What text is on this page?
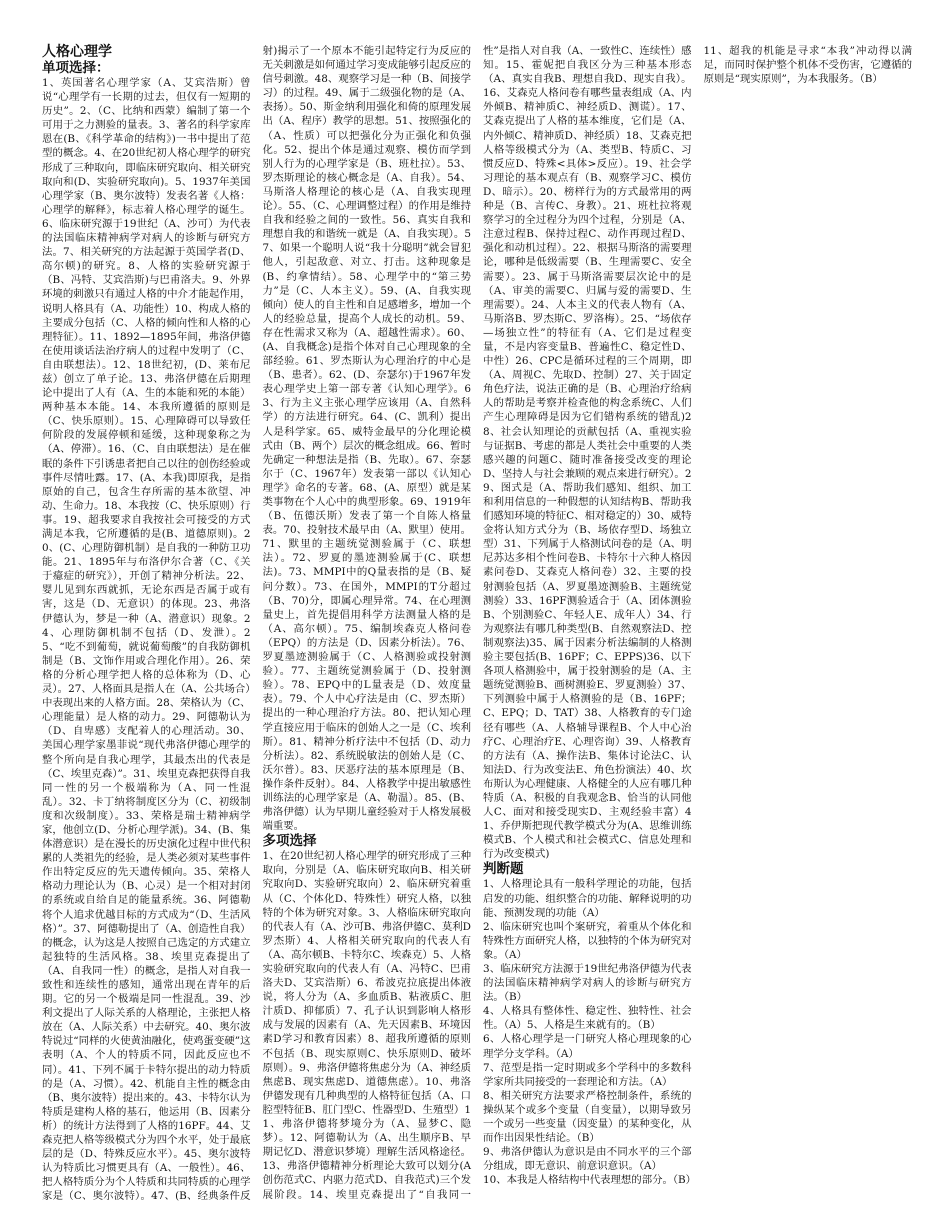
人格心理学
单项选择：

1、英国著名心理学家（A、艾宾浩斯）曾说“心理学有一长期的过去，但仅有一短期的历史”。2、（C、比纳和西蒙）编制了第一个可用于之力测验的量表。3、著名的科学家库恩在(B、《科学革命的结构》)一书中提出了范型的概念。4、在20世纪初人格心理学的研究形成了三种取向，即临床研究取向、相关研究取向和(D、实验研究取向)。5、1937年美国心理学家（B、奥尔波特）发表名著《人格：心理学的解释》，标志着人格心理学的诞生。6、临床研究源于19世纪（A、沙可）为代表的法国临床精神病学对病人的诊断与研究方法。7、相关研究的方法起源于英国学者(D、高尔顿)的研究。8、人格的实验研究源于（B、冯特、艾宾浩斯)与巴甫洛夫。9、外界环境的刺激只有通过人格的中介才能起作用，说明人格具有（A、功能性）10、构成人格的主要成分包括（C、人格的倾向性和人格的心理特征）。11、1892—1895年间，弗洛伊德在使用谈话法治疗病人的过程中发明了（C、自由联想法）。12、18世纪初，(D、莱布尼兹）创立了单子论。13、弗洛伊德在后期理论中提出了人有（A、生的本能和死的本能）两种基本本能。14、本我所遵循的原则是（C、快乐原则）。15、心理障碍可以导致任何阶段的发展停顿和延缓，这种现象称之为（A、停滞）。16、（C、自由联想法）是在催眠的条件下引诱患者把自己以往的创伤经验或事件尽情吐露。17、(A、本我)即原我，是指原始的自己，包含生存所需的基本欲望、冲动、生命力。18、本我按（C、快乐原则）行事。19、超我要求自我按社会可接受的方式满足本我，它所遵循的是(B、道德原则)。20、(C、心理防御机制）是自我的一种防卫功能。21、1895年与布洛伊尔合著（C、《关于癔症的研究》），开创了精神分析法。22、婴儿见到东西就抓，无论东西是否属于或有害，这是（D、无意识）的体现。23、弗洛伊德认为，梦是一种（A、潜意识）现象。24、心理防御机制不包括（D、发泄）。25、“吃不到葡萄，就说葡萄酸”的自我防御机制是（B、文饰作用或合理化作用）。26、荣格的分析心理学把人格的总体称为（D、心灵）。27、人格面具是指人在（A、公共场合）中表现出来的人格方面。28、荣格认为（C、心理能量）是人格的动力。29、阿德勒认为（D、自卑感）支配着人的心理活动。30、美国心理学家墨菲说“现代弗洛伊德心理学的整个所向是自我心理学，其最杰出的代表是（C、埃里克森）”。31、埃里克森把获得自我同一性的另一个极端称为（A、同一性混乱）。32、卡丁纳将制度区分为（C、初级制度和次级制度）。33、荣格是瑞士精神病学家，他创立(D、分析心理学派)。34、(B、集体潜意识）是在漫长的历史演化过程中世代积累的人类祖先的经验，是人类必须对某些事件作出特定反应的先天遗传倾向。35、荣格人格动力理论认为（B、心灵）是一个相对封闭的系统或自给自足的能量系统。36、阿德勒将个人追求优越目标的方式成为“（D、生活风格）”。37、阿德勒提出了（A、创造性自我）的概念，认为这是人按照自己选定的方式建立起独特的生活风格。38、埃里克森提出了（A、自我同一性）的概念，是指人对自我一致性和连续性的感知，通常出现在青年的后期。它的另一个极端是同一性混乱。39、沙利文提出了人际关系的人格理论，主张把人格放在（A、人际关系）中去研究。40、奥尔波特说过“同样的火使黄油融化，使鸡蛋变硬”这表明（A、个人的特质不同，因此反应也不同）。41、下列不属于卡特尔提出的动力特质的是（A、习惯）。42、机能自主性的概念由（B、奥尔波特）提出来的。43、卡特尔认为特质是建构人格的基石，他运用（B、因素分析）的统计方法得到了人格的16PF。44、艾森克把人格等级模式分为四个水平，处于最底层的是（D、特殊反应水平）。45、奥尔波特认为特质比习惯更具有（A、一般性）。46、把人格特质分为个人特质和共同特质的心理学家是（C、奥尔波特）。47、(B、经典条件反射)揭示了一个原本不能引起特定行为反应的无关刺激是如何通过学习变成能够引起反应的信号刺激。48、观察学习是一种（B、间接学习）的过程。49、属于二级强化物的是（A、表扬）。50、斯金纳利用强化和倚的原理发展出（A、程序）教学的思想。51、按照强化的（A、性质）可以把强化分为正强化和负强化。52、提出个体是通过观察、模仿而学到别人行为的心理学家是（B、班杜拉）。53、罗杰斯理论的核心概念是（A、自我）。54、马斯洛人格理论的核心是（A、自我实现理论）。55、（C、心理调整过程）的作用是维持自我和经验之间的一致性。56、真实自我和理想自我的和谐统一就是（A、自我实现）。57、如果一个聪明人说“我十分聪明”就会冒犯他人，引起敌意、对立、打击。这种现象是(B、约拿情结）。58、心理学中的“第三势力”是（C、人本主义）。59、(A、自我实现倾向）使人的自主性和自足感增多，增加一个人的经验总量，提高个人成长的动机。59、存在性需求又称为（A、超越性需求）。60、(A、自我概念)是指个体对自己心理现象的全部经验。61、罗杰斯认为心理治疗的中心是（B、患者）。62、(D、奈瑟尔)于1967年发表心理学史上第一部专著《认知心理学》。63、行为主义主张心理学应该用（A、自然科学）的方法进行研究。64、(C、凯利）提出人是科学家。65、威特金最早的分化理论模式由（B、两个）层次的概念组成。66、暂时先确定一种想法是指（B、先取）。67、奈瑟尔于（C、1967年）发表第一部以《认知心理学》命名的专著。68、(A、原型）就是某类事物在个人心中的典型形象。69、1919年（B、伍德沃斯）发表了第一个自陈人格量表。70、投射技术最早由（A、默里）使用。71、默里的主题统觉测验属于（C、联想法）。72、罗夏的墨迹测验属于(C、联想法)。73、MMPI中的Q量表指的是（B、疑问分数）。73、在国外，MMPI的T分超过（B、70)分，即属心理异常。74、在心理测量史上，首先提倡用科学方法测量人格的是（A、高尔顿）。75、编制埃森克人格问卷（EPQ）的方法是（D、因素分析法）。76、罗夏墨迹测验属于（C、人格测验或投射测验）。77、主题统觉测验属于（D、投射测验）。78、EPQ中的L量表是（D、效度量表）。79、个人中心疗法是由（C、罗杰斯）提出的一种心理治疗方法。80、把认知心理学直接应用于临床的创始人之一是（C、埃利斯）。81、精神分析疗法中不包括（D、动力分析法）。82、系统脱敏法的创始人是（C、沃尔普）。83、厌恶疗法的基本原理是（B、操作条件反射）。84、人格教学中提出敏感性训练法的心理学家是（A、勒温）。85、(B、弗洛伊德）认为早期儿童经验对于人格发展极端重要。

多项选择

1、在20世纪初人格心理学的研究形成了三种取向，分别是（A、临床研究取向B、相关研究取向D、实验研究取向）2、临床研究着重从（C、个体化D、特殊性）研究人格，以独特的个体为研究对象。3、人格临床研究取向的代表人有（A、沙可B、弗洛伊德C、莫利D罗杰斯）4、人格相关研究取向的代表人有（A、高尔顿B、卡特尔C、埃森克）5、人格实验研究取向的代表人有（A、冯特C、巴甫洛夫D、艾宾浩斯）6、希波克拉底提出体液说，将人分为（A、多血质B、粘液质C、胆汁质D、抑郁质）7、孔子认识到影响人格形成与发展的因素有（A、先天因素B、环境因素D学习和教育因素）8、超我所遵循的原则不包括（B、现实原则C、快乐原则D、破坏原则）。9、弗洛伊德将焦虑分为（A、神经质焦虑B、现实焦虑D、道德焦虑）。10、弗洛伊德发现有几种典型的人格特征包括（A、口腔型特征B、肛门型C、性器型D、生殖型）11、弗洛伊德将梦境分为（A、显梦C、隐梦）。12、阿德勒认为（A、出生顺序B、早期记忆D、潜意识梦境）理解生活风格途径。13、弗洛伊德精神分析理论大致可以划分(A创伤范式C、内驱力范式D、自我范式)三个发展阶段。14、埃里克森提出了“自我同一性”是指人对自我（A、一致性C、连续性）感知。15、霍妮把自我区分为三种基本形态（A、真实自我B、理想自我D、现实自我）。16、艾森克人格问卷有哪些量表组成（A、内外倾B、精神质C、神经质D、测谎）。17、艾森克提出了人格的基本维度，它们是（A、内外倾C、精神质D、神经质）18、艾森克把人格等级模式分为（A、类型B、特质C、习惯反应D、特殊<具体>反应）。19、社会学习理论的基本观点有（B、观察学习C、模仿D、暗示）。20、榜样行为的方式最常用的两种是（B、言传C、身教）。21、班杜拉将观察学习的全过程分为四个过程，分别是（A、注意过程B、保持过程C、动作再现过程D、强化和动机过程）。22、根据马斯洛的需要理论，哪种是低级需要（B、生理需要C、安全需要）。23、属于马斯洛需要层次论中的是（A、审美的需要C、归属与爱的需要D、生理需要）。24、人本主义的代表人物有（A、马斯洛B、罗杰斯C、罗洛梅）。25、“场依存—场独立性”的特征有（A、它们是过程变量，不是内容变量B、普遍性C、稳定性D、中性）26、CPC是循环过程的三个周期，即（A、周视C、先取D、控制）27、关于固定角色疗法，说法正确的是（B、心理治疗给病人的帮助是考察并检查他的构念系统C、人们产生心理障碍是因为它们错构系统的错乱)28、社会认知理论的贡献包括（A、重视实验与证据B、考虑的都是人类社会中重要的人类感兴趣的问题C、随时准备接受改变的理论D、坚持人与社会兼顾的观点来进行研究）。29、图式是（A、帮助我们感知、组织、加工和利用信息的一种假想的认知结构B、帮助我们感知环境的特征C、相对稳定的）30、威特金将认知方式分为（B、场依存型D、场独立型）31、下列属于人格测试问卷的是（A、明尼苏达多相个性问卷B、卡特尔十六种人格因素问卷D、艾森克人格问卷）32、主要的投射测验包括（A、罗夏墨迹测验B、主题统觉测验）33、16PF测验适合于（A、团体测验B、个别测验C、年轻人E、成年人）34、行为观察法有哪几种类型(B、自然观察法D、控制观察法)35、属于因素分析法编制的人格测验主要包括(B、16PF；C、EPPS)36、以下各项人格测验中，属于投射测验的是（A、主题统觉测验B、画树测验E、罗夏测验）37、下列测验中属于人格测验的是（B、16PF；C、EPQ；D、TAT）38、人格教育的专门途径有哪些（A、人格辅导课程B、个人中心治疗C、心理治疗E、心理咨询）39、人格教育的方法有（A、操作法B、集体讨论法C、认知法D、行为改变法E、角色扮演法）40、坎布斯认为心理健康、人格健全的人应有哪几种特质（A、积极的自我观念B、恰当的认同他人C、面对和接受现实D、主观经验丰富）41、乔伊斯把现代教学模式分为(A、思维训练模式B、个人模式和社会模式C、信息处理和行为改变模式)

判断题

1、人格理论具有一般科学理论的功能，包括启发的功能、组织整合的功能、解释说明的功能、预测发现的功能（A）

2、临床研究也叫个案研究，着重从个体化和特殊性方面研究人格，以独特的个体为研究对象。（A）

3、临床研究方法源于19世纪弗洛伊德为代表的法国临床精神病学对病人的诊断与研究方法。（B）

4、人格具有整体性、稳定性、独特性、社会性。（A）5、人格是生来就有的。（B）

6、人格心理学是一门研究人格心理现象的心理学分支学科。（A）

7、范型是指一定时期或多个学科中的多数科学家所共同接受的一套理论和方法。（A）

8、相关研究方法要求严格控制条件，系统的操纵某个或多个变量（自变量），以期导致另一个或另一些变量（因变量）的某种变化，从而作出因果性结论。（B）

9、弗洛伊德认为意识是由不同水平的三个部分组成，即无意识、前意识意识。（A）

10、本我是人格结构中代表理想的部分。（B）

11、超我的机能是寻求“本我”冲动得以满足，而同时保护整个机体不受伤害，它遵循的原则是“现实原则”，为本我服务。（B）
